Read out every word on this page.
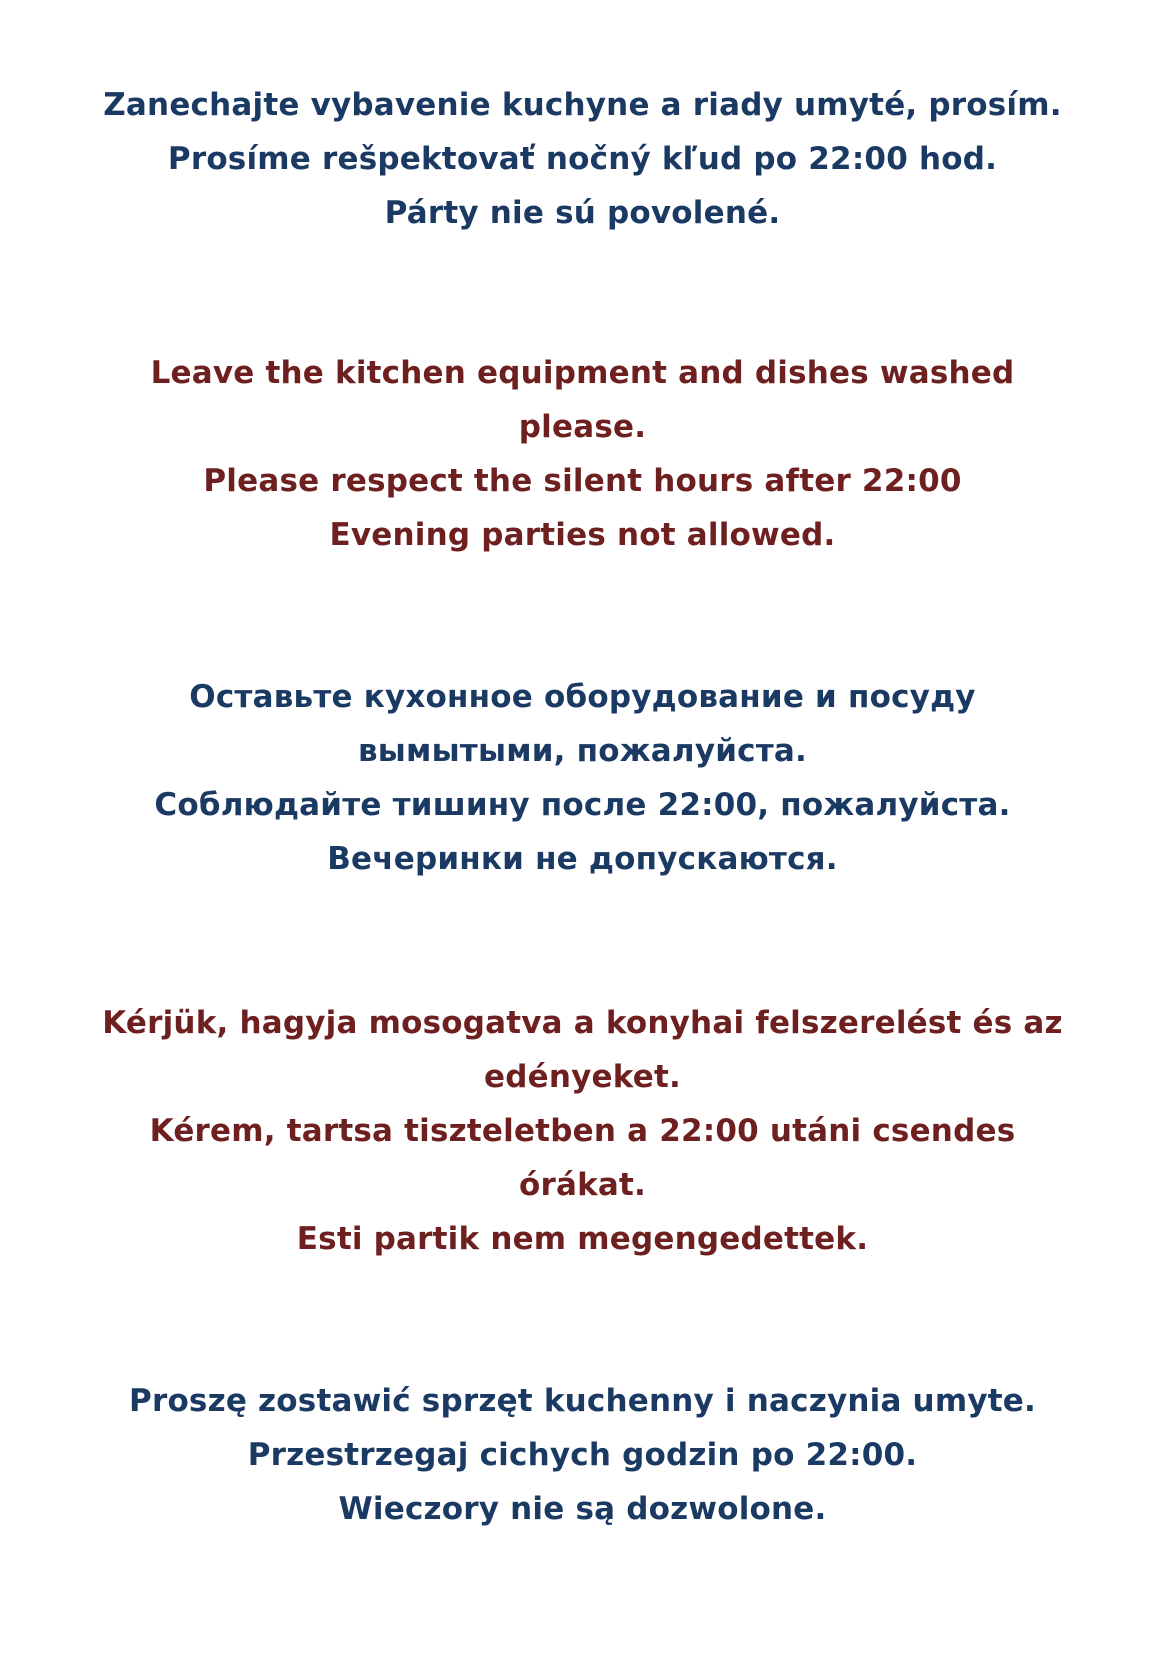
Zanechajte vybavenie kuchyne a riady umyté, prosím.
Prosíme rešpektovať nočný kľud po 22:00 hod.
Párty nie sú povolené.
Leave the kitchen equipment and dishes washed
please.
Please respect the silent hours after 22:00
Evening parties not allowed.
Оставьте кухонное оборудование и посуду
вымытыми, пожалуйста.
Соблюдайте тишину после 22:00, пожалуйста.
Вечеринки не допускаются.
Kérjük, hagyja mosogatva a konyhai felszerelést és az
edényeket.
Kérem, tartsa tiszteletben a 22:00 utáni csendes
órákat.
Esti partik nem megengedettek.
Proszę zostawić sprzęt kuchenny i naczynia umyte.
Przestrzegaj cichych godzin po 22:00.
Wieczory nie są dozwolone.
